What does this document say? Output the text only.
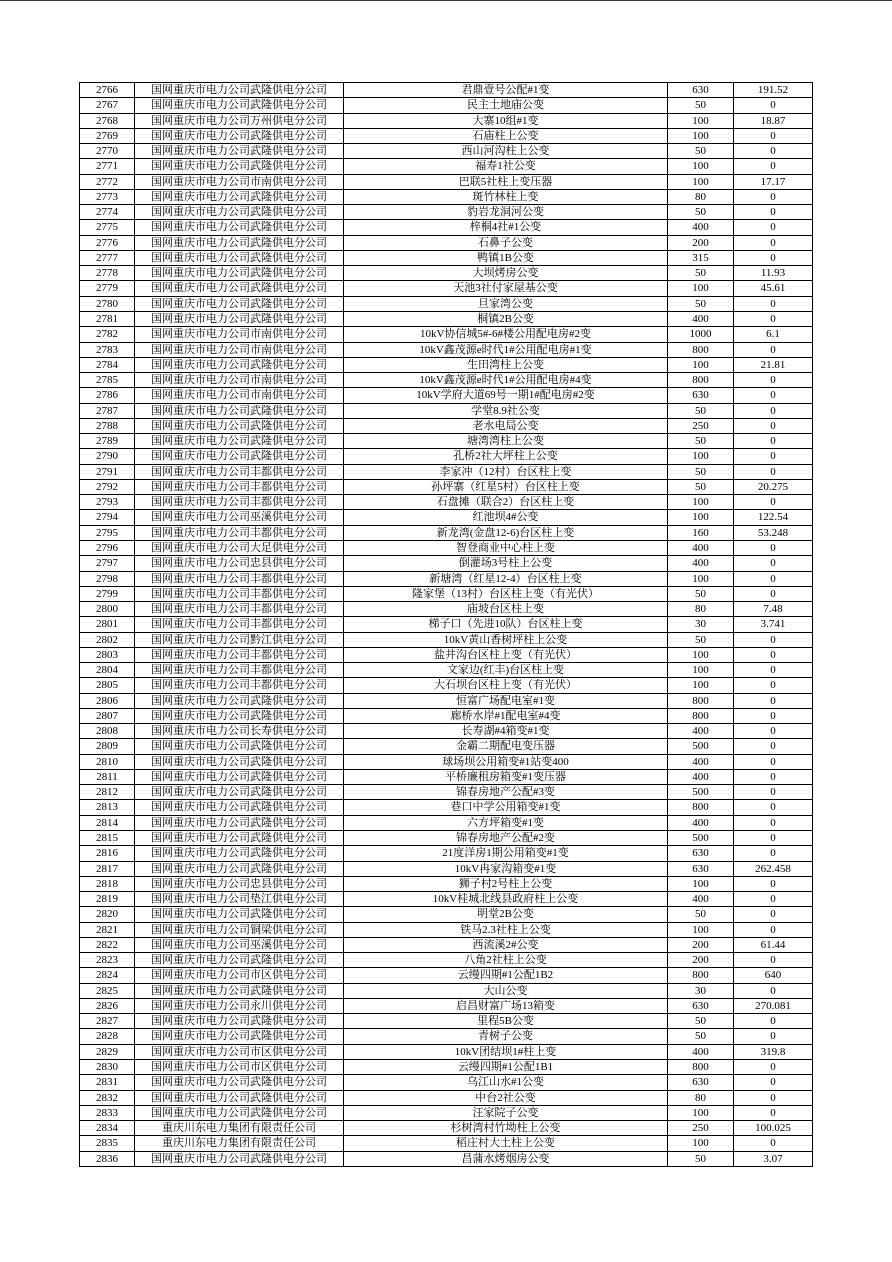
2766	国网重庆市电力公司武隆供电分公司	君鼎壹号公配#1变	630	191.52
2767	国网重庆市电力公司武隆供电分公司	民主土地庙公变	50	0
2768	国网重庆市电力公司万州供电分公司	大寨10组#1变	100	18.87
2769	国网重庆市电力公司武隆供电分公司	石庙柱上公变	100	0
2770	国网重庆市电力公司武隆供电分公司	西山河沟柱上公变	50	0
2771	国网重庆市电力公司武隆供电分公司	福寿1社公变	100	0
2772	国网重庆市电力公司市南供电分公司	巴联5社柱上变压器	100	17.17
2773	国网重庆市电力公司武隆供电分公司	斑竹林柱上变	80	0
2774	国网重庆市电力公司武隆供电分公司	豹岩龙洞河公变	50	0
2775	国网重庆市电力公司武隆供电分公司	梓桐4社#1公变	400	0
2776	国网重庆市电力公司武隆供电分公司	石鼻子公变	200	0
2777	国网重庆市电力公司武隆供电分公司	鸭镇1B公变	315	0
2778	国网重庆市电力公司武隆供电分公司	大坝烤房公变	50	11.93
2779	国网重庆市电力公司武隆供电分公司	天池3社付家屋基公变	100	45.61
2780	国网重庆市电力公司武隆供电分公司	旦家湾公变	50	0
2781	国网重庆市电力公司武隆供电分公司	桐镇2B公变	400	0
2782	国网重庆市电力公司市南供电分公司	10kV协信城5#-6#楼公用配电房#2变	1000	6.1
2783	国网重庆市电力公司市南供电分公司	10kV鑫茂源e时代1#公用配电房#1变	800	0
2784	国网重庆市电力公司武隆供电分公司	生田湾柱上公变	100	21.81
2785	国网重庆市电力公司市南供电分公司	10kV鑫茂源e时代1#公用配电房#4变	800	0
2786	国网重庆市电力公司市南供电分公司	10kV学府大道69号一期1#配电房#2变	630	0
2787	国网重庆市电力公司武隆供电分公司	学堂8.9社公变	50	0
2788	国网重庆市电力公司武隆供电分公司	老水电局公变	250	0
2789	国网重庆市电力公司武隆供电分公司	塘湾湾柱上公变	50	0
2790	国网重庆市电力公司武隆供电分公司	孔桥2社大坪柱上公变	100	0
2791	国网重庆市电力公司丰都供电分公司	李家冲（12村）台区柱上变	50	0
2792	国网重庆市电力公司丰都供电分公司	孙坪寨（红星5村）台区柱上变	50	20.275
2793	国网重庆市电力公司丰都供电分公司	石盘摊（联合2）台区柱上变	100	0
2794	国网重庆市电力公司巫溪供电分公司	红池坝4#公变	100	122.54
2795	国网重庆市电力公司丰都供电分公司	新龙湾(金盘12-6)台区柱上变	160	53.248
2796	国网重庆市电力公司大足供电分公司	智登商业中心柱上变	400	0
2797	国网重庆市电力公司忠县供电分公司	倒灌场3号柱上公变	400	0
2798	国网重庆市电力公司丰都供电分公司	新塘湾（红星12-4）台区柱上变	100	0
2799	国网重庆市电力公司丰都供电分公司	隆家堡（13村）台区柱上变（有光伏）	50	0
2800	国网重庆市电力公司丰都供电分公司	庙坡台区柱上变	80	7.48
2801	国网重庆市电力公司丰都供电分公司	梯子口（先进10队）台区柱上变	30	3.741
2802	国网重庆市电力公司黔江供电分公司	10kV黄山香树坪柱上公变	50	0
2803	国网重庆市电力公司丰都供电分公司	盐井沟台区柱上变（有光伏）	100	0
2804	国网重庆市电力公司丰都供电分公司	文家边(红丰)台区柱上变	100	0
2805	国网重庆市电力公司丰都供电分公司	大石坝台区柱上变（有光伏）	100	0
2806	国网重庆市电力公司武隆供电分公司	恒富广场配电室#1变	800	0
2807	国网重庆市电力公司武隆供电分公司	廊桥水岸#1配电室#4变	800	0
2808	国网重庆市电力公司长寿供电分公司	长寿湖#4箱变#1变	400	0
2809	国网重庆市电力公司武隆供电分公司	金霸二期配电变压器	500	0
2810	国网重庆市电力公司武隆供电分公司	球场坝公用箱变#1站变400	400	0
2811	国网重庆市电力公司武隆供电分公司	平桥廉租房箱变#1变压器	400	0
2812	国网重庆市电力公司武隆供电分公司	锦春房地产公配#3变	500	0
2813	国网重庆市电力公司武隆供电分公司	巷口中学公用箱变#1变	800	0
2814	国网重庆市电力公司武隆供电分公司	六方坪箱变#1变	400	0
2815	国网重庆市电力公司武隆供电分公司	锦春房地产公配#2变	500	0
2816	国网重庆市电力公司武隆供电分公司	21度洋房1期公用箱变#1变	630	0
2817	国网重庆市电力公司武隆供电分公司	10kV冉家沟箱变#1变	630	262.458
2818	国网重庆市电力公司忠县供电分公司	狮子村2号柱上公变	100	0
2819	国网重庆市电力公司垫江供电分公司	10kV桂城北线县政府柱上公变	400	0
2820	国网重庆市电力公司武隆供电分公司	明堂2B公变	50	0
2821	国网重庆市电力公司铜梁供电分公司	铁马2.3社柱上公变	100	0
2822	国网重庆市电力公司巫溪供电分公司	西流溪2#公变	200	61.44
2823	国网重庆市电力公司武隆供电分公司	八角2社柱上公变	200	0
2824	国网重庆市电力公司市区供电分公司	云缦四期#1公配1B2	800	640
2825	国网重庆市电力公司武隆供电分公司	大山公变	30	0
2826	国网重庆市电力公司永川供电分公司	启昌财富广场13箱变	630	270.081
2827	国网重庆市电力公司武隆供电分公司	里程5B公变	50	0
2828	国网重庆市电力公司武隆供电分公司	青树子公变	50	0
2829	国网重庆市电力公司市区供电分公司	10kV团结坝1#柱上变	400	319.8
2830	国网重庆市电力公司市区供电分公司	云缦四期#1公配1B1	800	0
2831	国网重庆市电力公司武隆供电分公司	乌江山水#1公变	630	0
2832	国网重庆市电力公司武隆供电分公司	中台2社公变	80	0
2833	国网重庆市电力公司武隆供电分公司	汪家院子公变	100	0
2834	重庆川东电力集团有限责任公司	杉树湾村竹坳柱上公变	250	100.025
2835	重庆川东电力集团有限责任公司	稻庄村大土柱上公变	100	0
2836	国网重庆市电力公司武隆供电分公司	昌蒲水烤烟房公变	50	3.07
